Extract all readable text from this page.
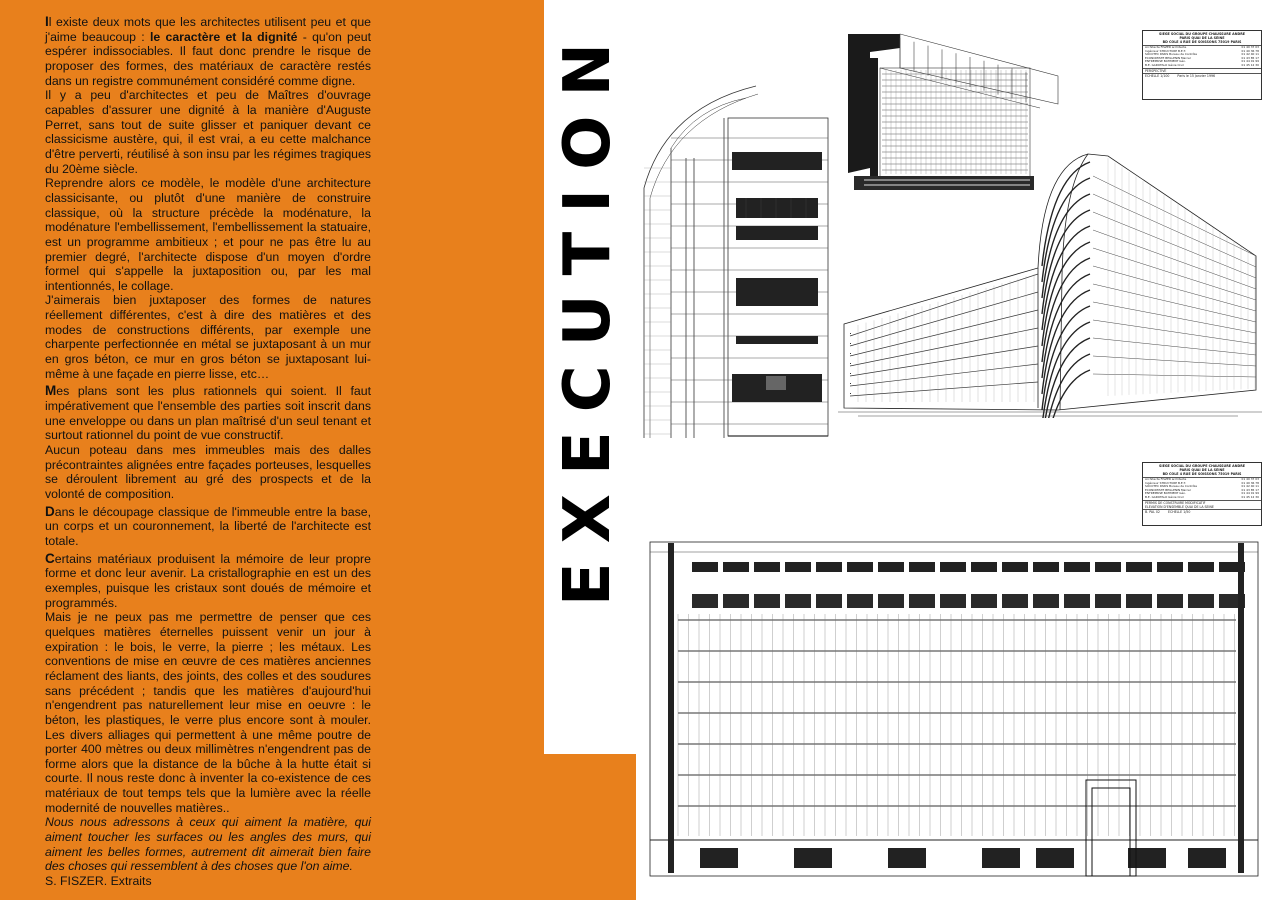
Il existe deux mots que les architectes utilisent peu et que j'aime beaucoup : le caractère et la dignité - qu'on peut espérer indissociables. Il faut donc prendre le risque de proposer des formes, des matériaux de caractère restés dans un registre communément considéré comme digne.

Il y a peu d'architectes et peu de Maîtres d'ouvrage capables d'assurer une dignité à la manière d'Auguste Perret, sans tout de suite glisser et paniquer devant ce classicisme austère, qui, il est vrai, a eu cette malchance d'être perverti, réutilisé à son insu par les régimes tragiques du 20ème siècle.

Reprendre alors ce modèle, le modèle d'une architecture classicisante, ou plutôt d'une manière de construire classique, où la structure précède la modénature, la modénature l'embellissement, l'embellissement la statuaire, est un programme ambitieux ; et pour ne pas être lu au premier degré, l'architecte dispose d'un moyen d'ordre formel qui s'appelle la juxtaposition ou, par les mal intentionnés, le collage.

J'aimerais bien juxtaposer des formes de natures réellement différentes, c'est à dire des matières et des modes de constructions différents, par exemple une charpente perfectionnée en métal se juxtaposant à un mur en gros béton, ce mur en gros béton se juxtaposant lui-même à une façade en pierre lisse, etc…

Mes plans sont les plus rationnels qui soient. Il faut impérativement que l'ensemble des parties soit inscrit dans une enveloppe ou dans un plan maîtrisé d'un seul tenant et surtout rationnel du point de vue constructif.

Aucun poteau dans mes immeubles mais des dalles précontraintes alignées entre façades porteuses, lesquelles se déroulent librement au gré des prospects et de la volonté de composition.

Dans le découpage classique de l'immeuble entre la base, un corps et un couronnement, la liberté de l'architecte est totale.

Certains matériaux produisent la mémoire de leur propre forme et donc leur avenir. La cristallographie en est un des exemples, puisque les cristaux sont doués de mémoire et programmés.

Mais je ne peux pas me permettre de penser que ces quelques matières éternelles puissent venir un jour à expiration : le bois, le verre, la pierre ; les métaux. Les conventions de mise en œuvre de ces matières anciennes réclament des liants, des joints, des colles et des soudures sans précédent ; tandis que les matières d'aujourd'hui n'engendrent pas naturellement leur mise en oeuvre : le béton, les plastiques, le verre plus encore sont à mouler. Les divers alliages qui permettent à une même poutre de porter 400 mètres ou deux millimètres n'engendrent pas de forme alors que la distance de la bûche à la hutte était si courte. Il nous reste donc à inventer la co-existence de ces matériaux de tout temps tels que la lumière avec la réelle modernité de nouvelles matières..

Nous nous adressons à ceux qui aiment la matière, qui aiment toucher les surfaces ou les angles des murs, qui aiment les belles formes, autrement dit aimerait bien faire des choses qui ressemblent à des choses que l'on aime.

S. FISZER. Extraits

EXECUTION	SIEGE SOCIAL DU GROUPE CHAUSSURE ANDRE
PARIS QUAI DE LA SEINE
BD COLE 4 RUE DE SOISSONS 75019 PARIS
Architecte FISZER architecte	01 40 37 03
Ingénieur STRUCTURE B.E.T.	01 40 36 78
SOCOTEC PARIS Bureau de Contrôle	01 42 40 11
ECONOMISTE BEILLENIN Marcel	01 43 85 17
ENTREPRISE BATIMENT Gén.	01 44 01 99
B.E. GAROFALO Génie Civil	01 45 12 30
PERSPECTIVE
ECHELLE 1/100	Paris le 15 Janvier 1996
SIEGE SOCIAL DU GROUPE CHAUSSURE ANDRE
PARIS QUAI DE LA SEINE
BD COLE 4 RUE DE SOISSONS 75019 PARIS
Architecte FISZER architecte	01 40 37 03
Ingénieur STRUCTURE B.E.T.	01 40 36 78
SOCOTEC PARIS Bureau de Contrôle	01 42 40 11
ECONOMISTE BEILLENIN Marcel	01 43 85 17
ENTREPRISE BATIMENT Gén.	01 44 01 99
B.E. GAROFALO Génie Civil	01 45 12 30
PERMIS DE CONSTRUIRE MODIFICATIF
ELEVATION D'ENSEMBLE QUAI DE LA SEINE
B. PAL 02	ECHELLE 1/50
